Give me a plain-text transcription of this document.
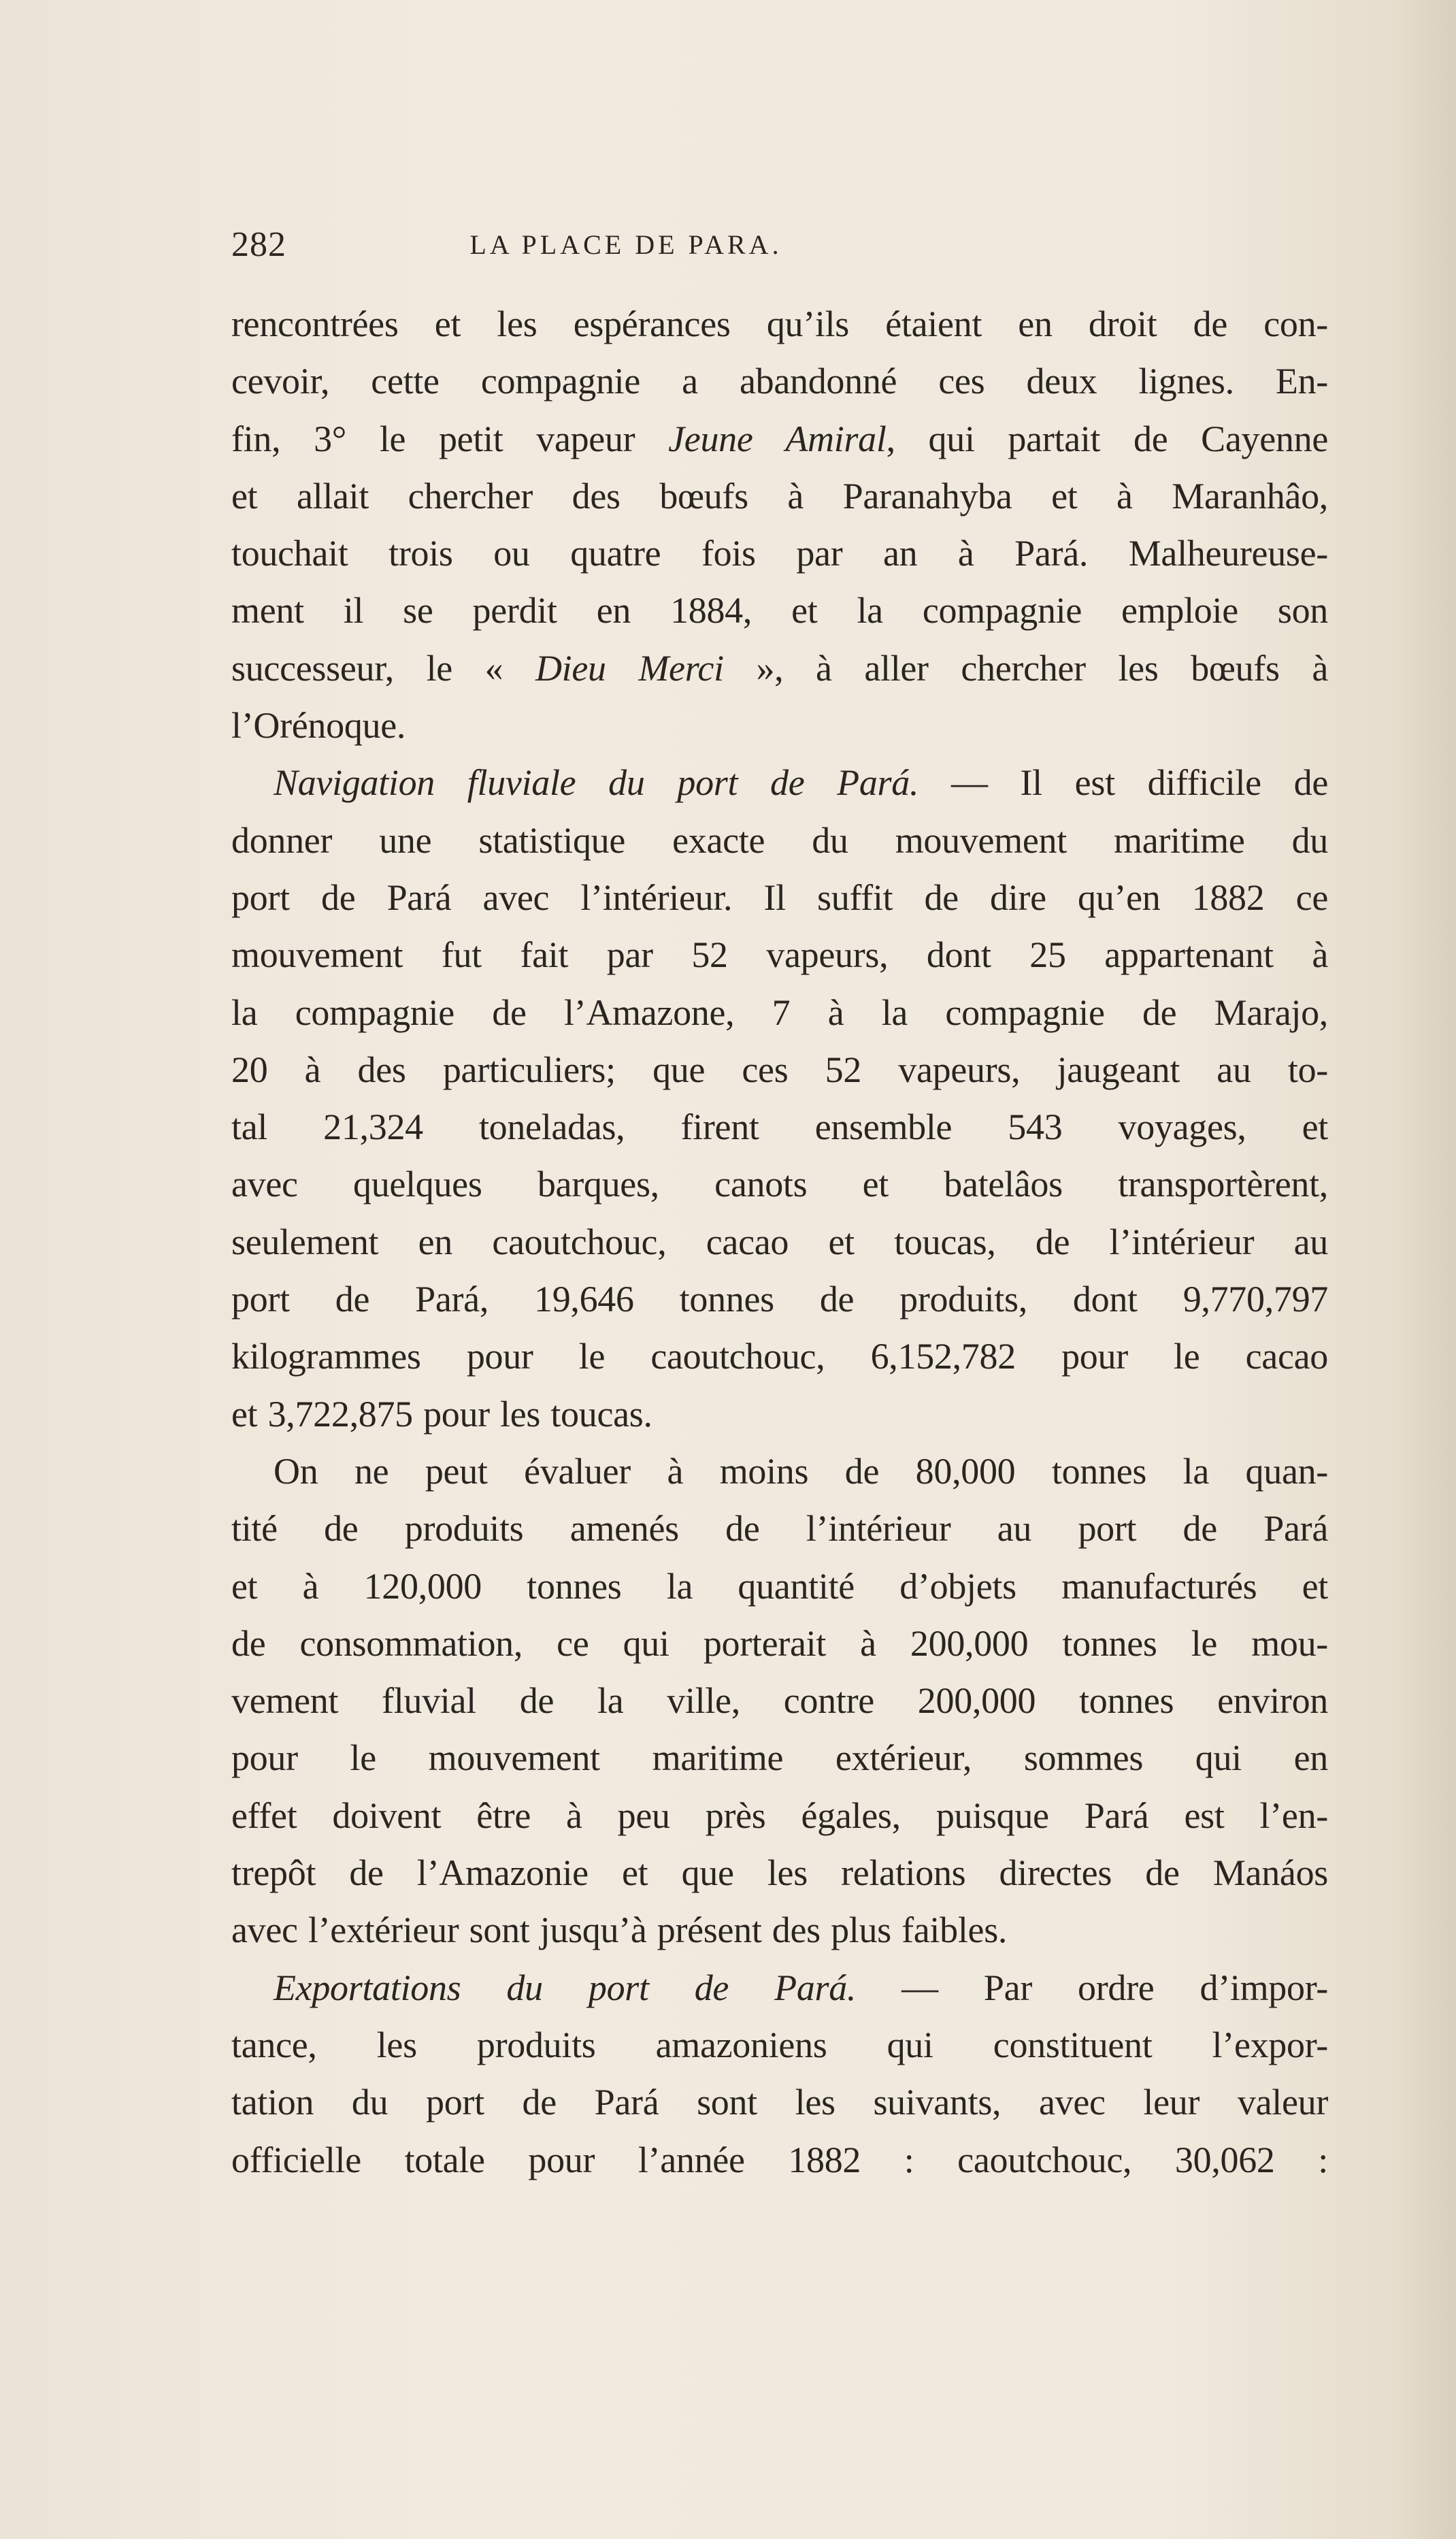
282	LA PLACE DE PARA.
rencontrées et les espérances qu’ils étaient en droit de con-
cevoir, cette compagnie a abandonné ces deux lignes. En-
fin, 3° le petit vapeur Jeune Amiral, qui partait de Cayenne
et allait chercher des bœufs à Paranahyba et à Maranhâo,
touchait trois ou quatre fois par an à Pará. Malheureuse-
ment il se perdit en 1884, et la compagnie emploie son
successeur, le « Dieu Merci », à aller chercher les bœufs à
l’Orénoque.
Navigation fluviale du port de Pará. — Il est difficile de
donner une statistique exacte du mouvement maritime du
port de Pará avec l’intérieur. Il suffit de dire qu’en 1882 ce
mouvement fut fait par 52 vapeurs, dont 25 appartenant à
la compagnie de l’Amazone, 7 à la compagnie de Marajo,
20 à des particuliers; que ces 52 vapeurs, jaugeant au to-
tal 21,324 toneladas, firent ensemble 543 voyages, et
avec quelques barques, canots et batelâos transportèrent,
seulement en caoutchouc, cacao et toucas, de l’intérieur au
port de Pará, 19,646 tonnes de produits, dont 9,770,797
kilogrammes pour le caoutchouc, 6,152,782 pour le cacao
et 3,722,875 pour les toucas.
On ne peut évaluer à moins de 80,000 tonnes la quan-
tité de produits amenés de l’intérieur au port de Pará
et à 120,000 tonnes la quantité d’objets manufacturés et
de consommation, ce qui porterait à 200,000 tonnes le mou-
vement fluvial de la ville, contre 200,000 tonnes environ
pour le mouvement maritime extérieur, sommes qui en
effet doivent être à peu près égales, puisque Pará est l’en-
trepôt de l’Amazonie et que les relations directes de Manáos
avec l’extérieur sont jusqu’à présent des plus faibles.
Exportations du port de Pará. — Par ordre d’impor-
tance, les produits amazoniens qui constituent l’expor-
tation du port de Pará sont les suivants, avec leur valeur
officielle totale pour l’année 1882 : caoutchouc, 30,062 :
